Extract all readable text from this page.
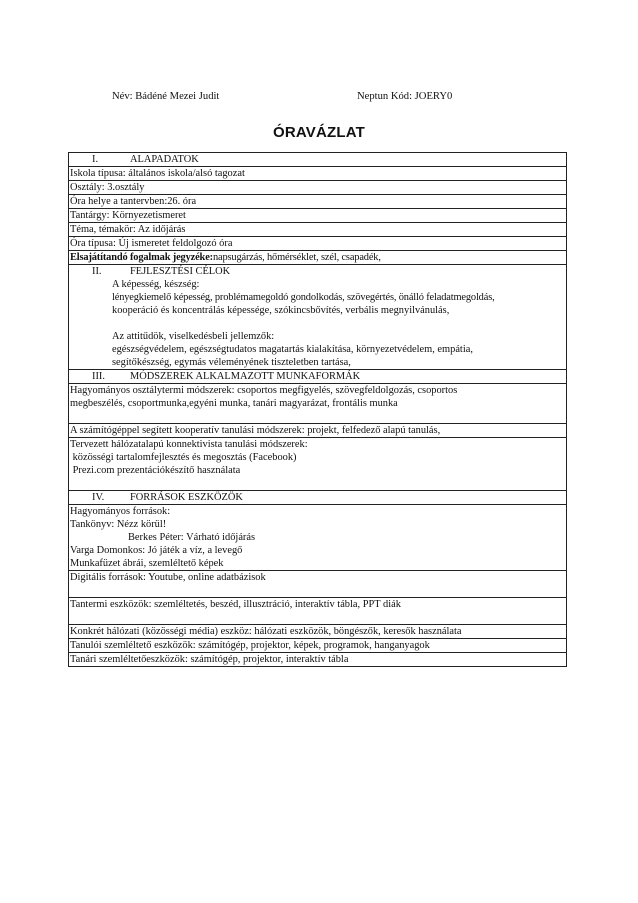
Név: Bádéné Mezei Judit	Neptun Kód: JOERY0
ÓRAVÁZLAT
I.	ALAPADATOK

Iskola típusa: általános iskola/alsó tagozat
Osztály: 3.osztály
Óra helye a tantervben:26. óra
Tantárgy: Környezetismeret
Téma, témakör: Az időjárás
Óra típusa: Új ismeretet feldolgozó óra
Elsajátítandó fogalmak jegyzéke:napsugárzás, hőmérséklet, szél, csapadék,

II.	FEJLESZTÉSI CÉLOK

A képesség, készség:
lényegkiemelő képesség, problémamegoldó gondolkodás, szövegértés, önálló feladatmegoldás,
kooperáció és koncentrálás képessége, szókincsbővítés, verbális megnyilvánulás,
Az attitűdök, viselkedésbeli jellemzők:
egészségvédelem, egészségtudatos magatartás kialakítása, környezetvédelem, empátia,
segítőkészség, egymás véleményének tiszteletben tartása,

III. MÓDSZEREK ALKALMAZOTT MUNKAFORMÁK

Hagyományos osztálytermi módszerek: csoportos megfigyelés, szövegfeldolgozás, csoportos
megbeszélés, csoportmunka,egyéni munka, tanári magyarázat, frontális munka

A számítógéppel segített kooperatív tanulási módszerek: projekt, felfedező alapú tanulás,

Tervezett hálózatalapú konnektivista tanulási módszerek:
közösségi tartalomfejlesztés és megosztás (Facebook)
Prezi.com prezentációkészítő használata

IV. FORRÁSOK ESZKÖZÖK

Hagyományos források:
Tankönyv: Nézz körül!
Berkes Péter: Várható időjárás
Varga Domonkos: Jó játék a víz, a levegő
Munkafüzet ábrái, szemléltető képek

Digitális források: Youtube, online adatbázisok

Tantermi eszközök: szemléltetés, beszéd, illusztráció, interaktív tábla, PPT diák

Konkrét hálózati (közösségi média) eszköz: hálózati eszközök, böngészők, keresők használata

Tanulói szemléltető eszközök: számítógép, projektor, képek, programok, hanganyagok

Tanári szemléltetőeszközök: számítógép, projektor, interaktív tábla
